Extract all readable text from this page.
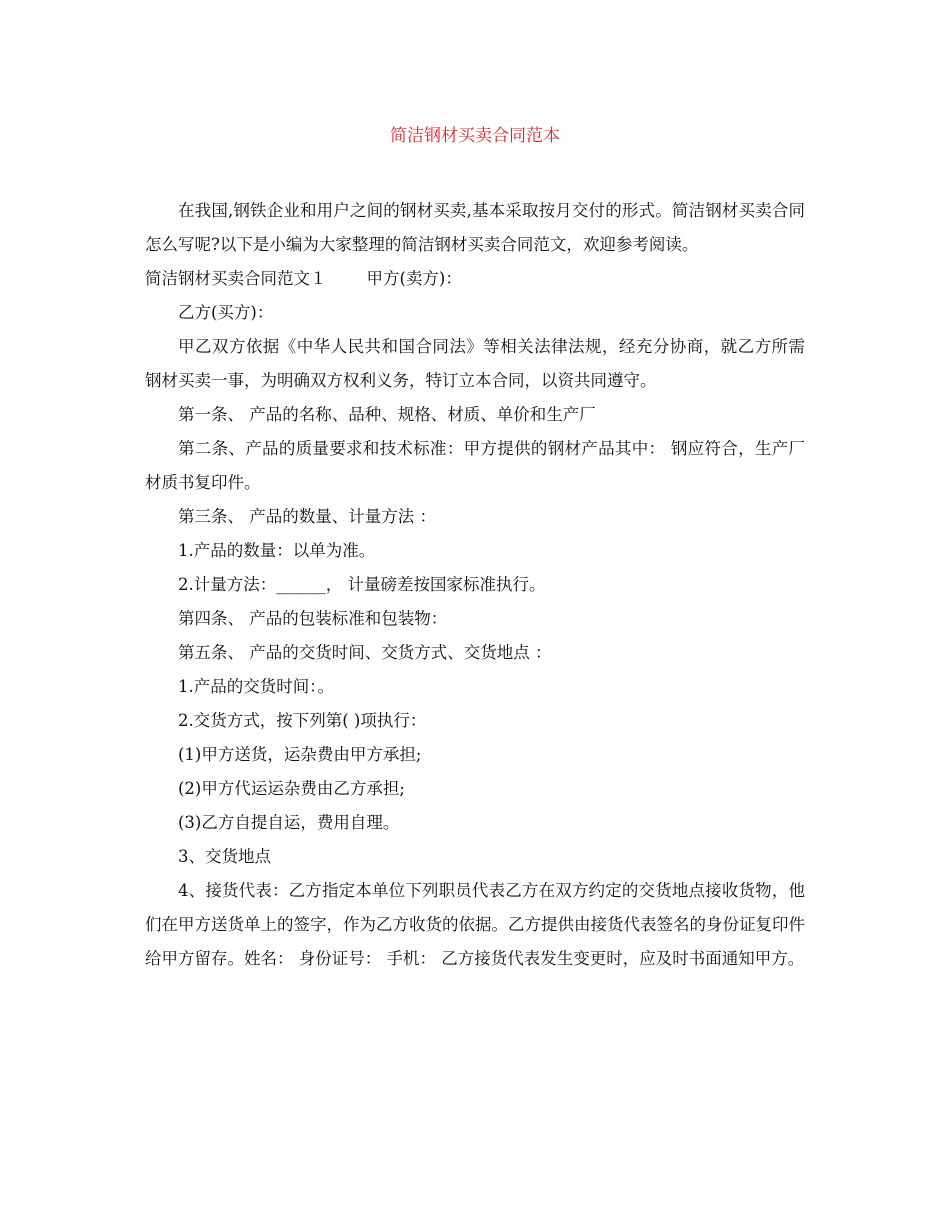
简洁钢材买卖合同范本

在我国,钢铁企业和用户之间的钢材买卖,基本采取按月交付的形式。简洁钢材买卖合同怎么写呢?以下是小编为大家整理的简洁钢材买卖合同范文，欢迎参考阅读。

简洁钢材买卖合同范文１ 甲方(卖方)：

乙方(买方)：

甲乙双方依据《中华人民共和国合同法》等相关法律法规，经充分协商，就乙方所需 钢材买卖一事，为明确双方权利义务，特订立本合同，以资共同遵守。

第一条、 产品的名称、品种、规格、材质、单价和生产厂

第二条、产品的质量要求和技术标准：甲方提供的钢材产品其中： 钢应符合，生产厂材质书复印件。

第三条、 产品的数量、计量方法 ：

1.产品的数量：以单为准。

2.计量方法：______， 计量磅差按国家标准执行。

第四条、 产品的包装标准和包装物：

第五条、 产品的交货时间、交货方式、交货地点 ：

1.产品的交货时间：。

2.交货方式，按下列第( )项执行：

(1)甲方送货，运杂费由甲方承担;

(2)甲方代运运杂费由乙方承担;

(3)乙方自提自运，费用自理。

3、交货地点

4、接货代表：乙方指定本单位下列职员代表乙方在双方约定的交货地点接收货物，他们在甲方送货单上的签字，作为乙方收货的依据。乙方提供由接货代表签名的身份证复印件给甲方留存。姓名： 身份证号： 手机： 乙方接货代表发生变更时，应及时书面通知甲方。
